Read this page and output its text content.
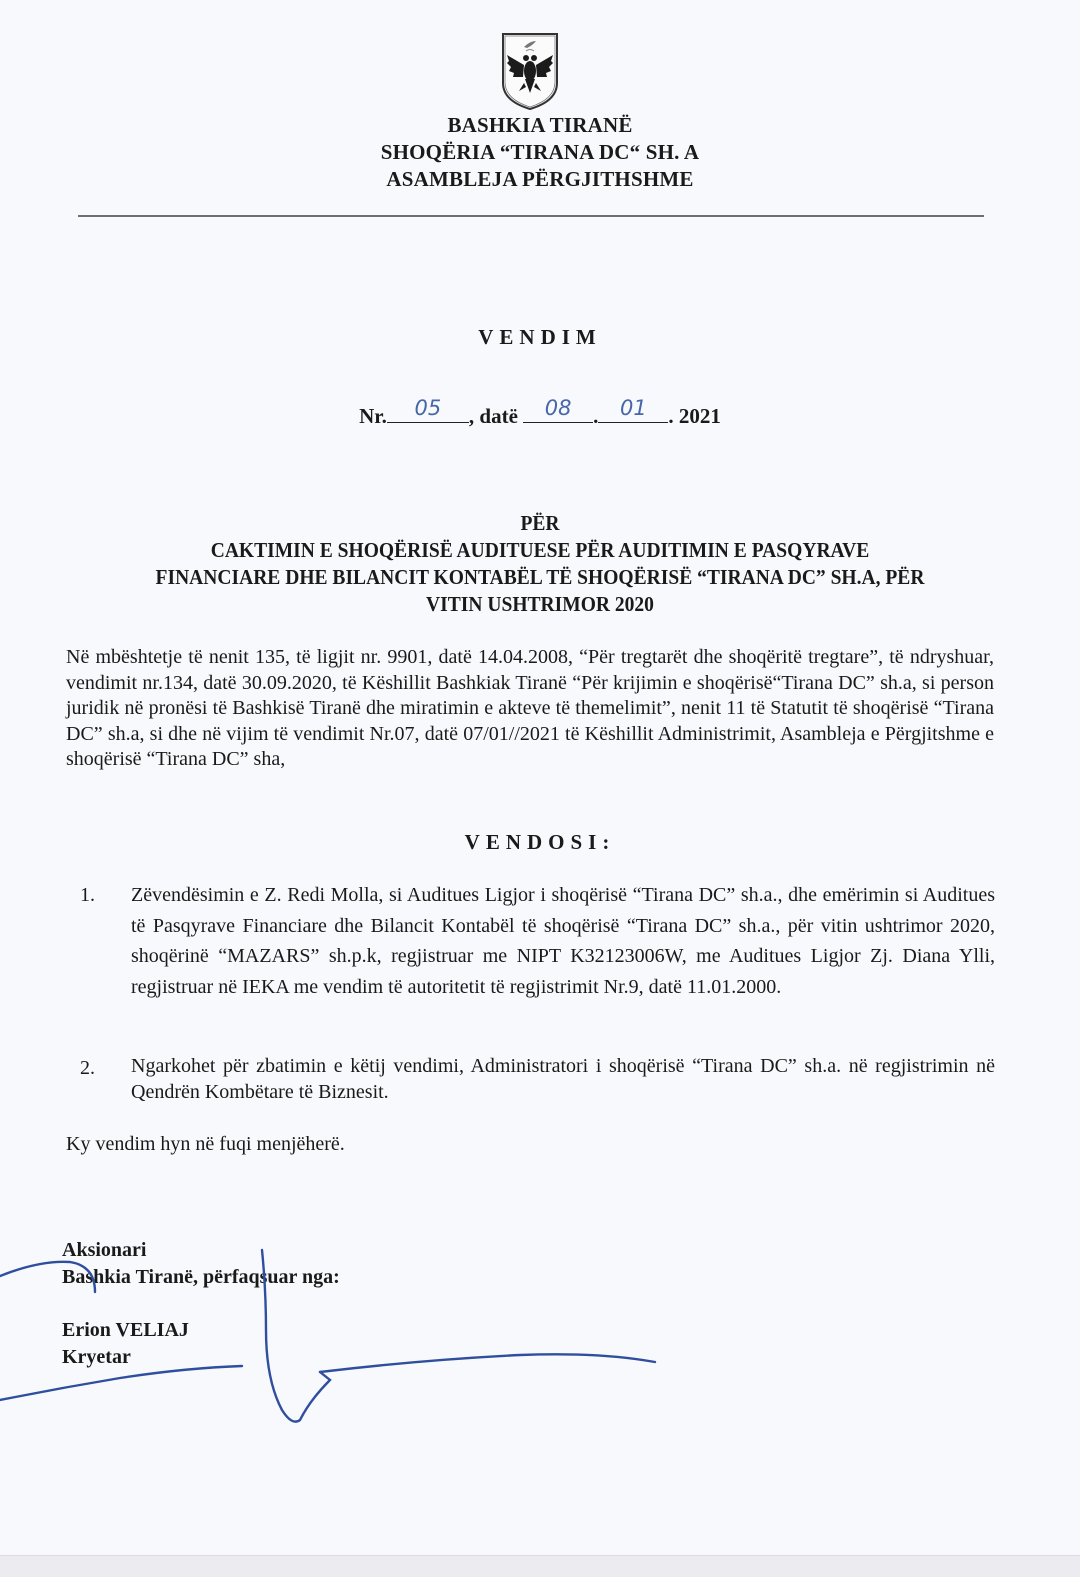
BASHKIA TIRANË
SHOQËRIA “TIRANA DC“ SH. A
ASAMBLEJA PËRGJITHSHME
VENDIM
Nr.	05	, datë	08	.	01	. 2021
PËR
CAKTIMIN E SHOQËRISË AUDITUESE PËR AUDITIMIN E PASQYRAVE
FINANCIARE DHE BILANCIT KONTABËL TË SHOQËRISË “TIRANA DC” SH.A, PËR
VITIN USHTRIMOR 2020
Në mbështetje të nenit 135, të ligjit nr. 9901, datë 14.04.2008, “Për tregtarët dhe shoqëritë tregtare”, të ndryshuar, vendimit nr.134, datë 30.09.2020, të Këshillit Bashkiak Tiranë “Për krijimin e shoqërisë“Tirana DC” sh.a, si person juridik në pronësi të Bashkisë Tiranë dhe miratimin e akteve të themelimit”, nenit 11 të Statutit të shoqërisë “Tirana DC” sh.a, si dhe në vijim të vendimit Nr.07, datë 07/01//2021 të Këshillit Administrimit, Asambleja e Përgjitshme e shoqërisë “Tirana DC” sha,
VENDOSI:
1. Zëvendësimin e Z. Redi Molla, si Auditues Ligjor i shoqërisë “Tirana DC” sh.a., dhe emërimin si Auditues të Pasqyrave Financiare dhe Bilancit Kontabël të shoqërisë “Tirana DC” sh.a., për vitin ushtrimor 2020, shoqërinë “MAZARS” sh.p.k, regjistruar me NIPT K32123006W, me Auditues Ligjor Zj. Diana Ylli, regjistruar në IEKA me vendim të autoritetit të regjistrimit Nr.9, datë 11.01.2000.
2. Ngarkohet për zbatimin e këtij vendimi, Administratori i shoqërisë “Tirana DC” sh.a. në regjistrimin në Qendrën Kombëtare të Biznesit.
Ky vendim hyn në fuqi menjëherë.
Aksionari
Bashkia Tiranë, përfaqsuar nga:
Erion VELIAJ
Kryetar
